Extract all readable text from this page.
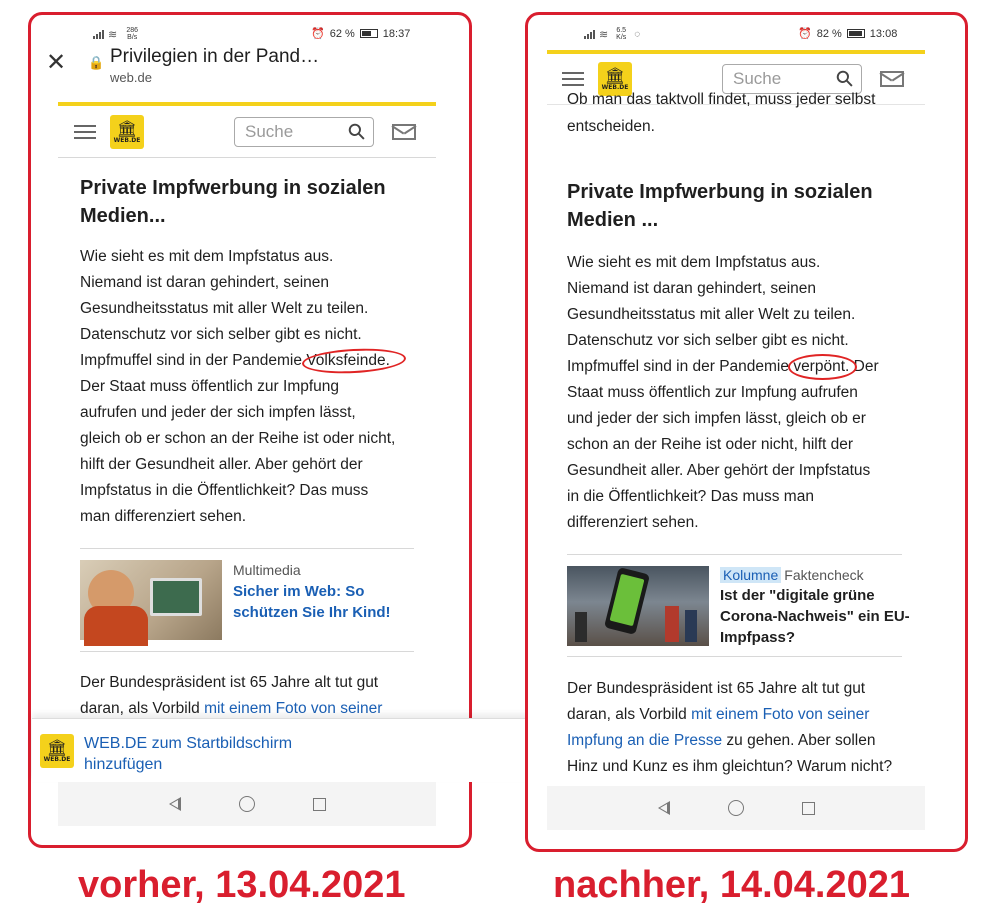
≋	286 B/s	⏰ 62 %	18:37
✕ 🔒 Privilegien in der Pand…
web.de
🏛
WEB.DE	Suche ⚲
Private Impfwerbung in sozialen
Medien...
Wie sieht es mit dem Impfstatus aus.
Niemand ist daran gehindert, seinen
Gesundheitsstatus mit aller Welt zu teilen.
Datenschutz vor sich selber gibt es nicht.
Impfmuffel sind in der Pandemie Volksfeinde.
Der Staat muss öffentlich zur Impfung
aufrufen und jeder der sich impfen lässt,
gleich ob er schon an der Reihe ist oder nicht,
hilft der Gesundheit aller. Aber gehört der
Impfstatus in die Öffentlichkeit? Das muss
man differenziert sehen.
Multimedia
Sicher im Web: So
schützen Sie Ihr Kind!
Der Bundespräsident ist 65 Jahre alt tut gut
daran, als Vorbild mit einem Foto von seiner
🏛
WEB.DE
WEB.DE zum Startbildschirm
hinzufügen
≋	6.5 K/s ◌	⏰ 82 %	13:08
🏛
WEB.DE	Suche ⚲
Ob man das taktvoll findet, muss jeder selbst
entscheiden.
Private Impfwerbung in sozialen
Medien ...
Wie sieht es mit dem Impfstatus aus.
Niemand ist daran gehindert, seinen
Gesundheitsstatus mit aller Welt zu teilen.
Datenschutz vor sich selber gibt es nicht.
Impfmuffel sind in der Pandemie verpönt.
Der
Staat muss öffentlich zur Impfung aufrufen
und jeder der sich impfen lässt, gleich ob er
schon an der Reihe ist oder nicht, hilft der
Gesundheit aller. Aber gehört der Impfstatus
in die Öffentlichkeit? Das muss man
differenziert sehen.
Kolumne Faktencheck
Ist der "digitale grüne
Corona-Nachweis" ein EU-
Impfpass?
Der Bundespräsident ist 65 Jahre alt tut gut
daran, als Vorbild mit einem Foto von seiner
Impfung an die Presse zu gehen. Aber sollen
Hinz und Kunz es ihm gleichtun? Warum nicht?
vorher, 13.04.2021	nachher, 14.04.2021
